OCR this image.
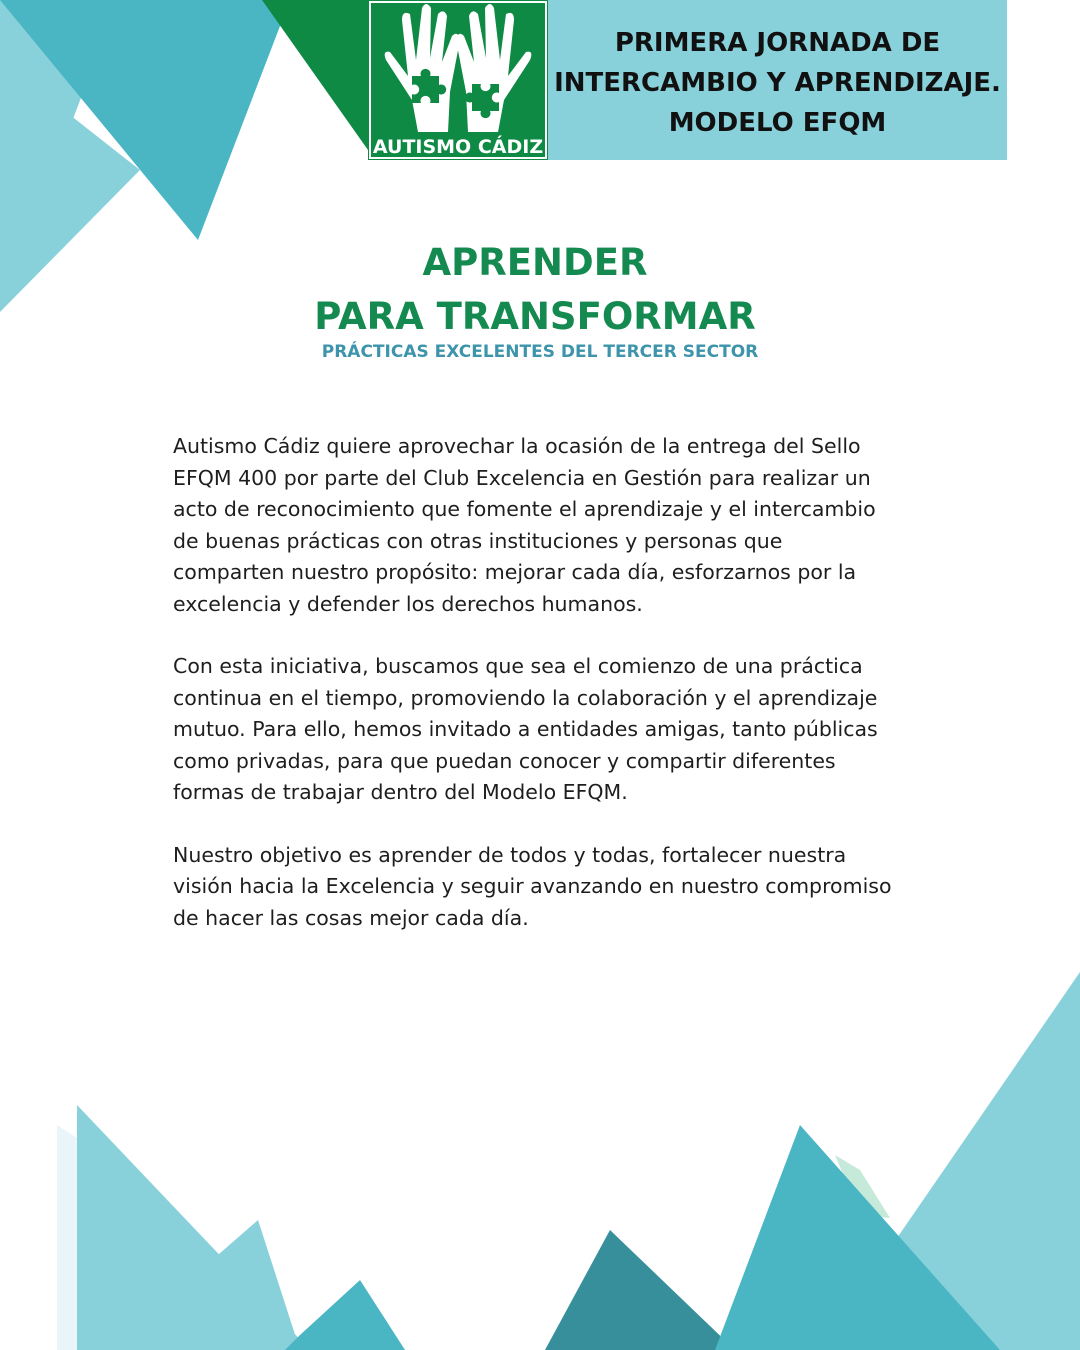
AUTISMO CÁDIZ
PRIMERA JORNADA DE
INTERCAMBIO Y APRENDIZAJE.
MODELO EFQM
APRENDER
PARA TRANSFORMAR
PRÁCTICAS EXCELENTES DEL TERCER SECTOR
Autismo Cádiz quiere aprovechar la ocasión de la entrega del Sello
EFQM 400 por parte del Club Excelencia en Gestión para realizar un
acto de reconocimiento que fomente el aprendizaje y el intercambio
de buenas prácticas con otras instituciones y personas que
comparten nuestro propósito: mejorar cada día, esforzarnos por la
excelencia y defender los derechos humanos.
Con esta iniciativa, buscamos que sea el comienzo de una práctica
continua en el tiempo, promoviendo la colaboración y el aprendizaje
mutuo. Para ello, hemos invitado a entidades amigas, tanto públicas
como privadas, para que puedan conocer y compartir diferentes
formas de trabajar dentro del Modelo EFQM.
Nuestro objetivo es aprender de todos y todas, fortalecer nuestra
visión hacia la Excelencia y seguir avanzando en nuestro compromiso
de hacer las cosas mejor cada día.
